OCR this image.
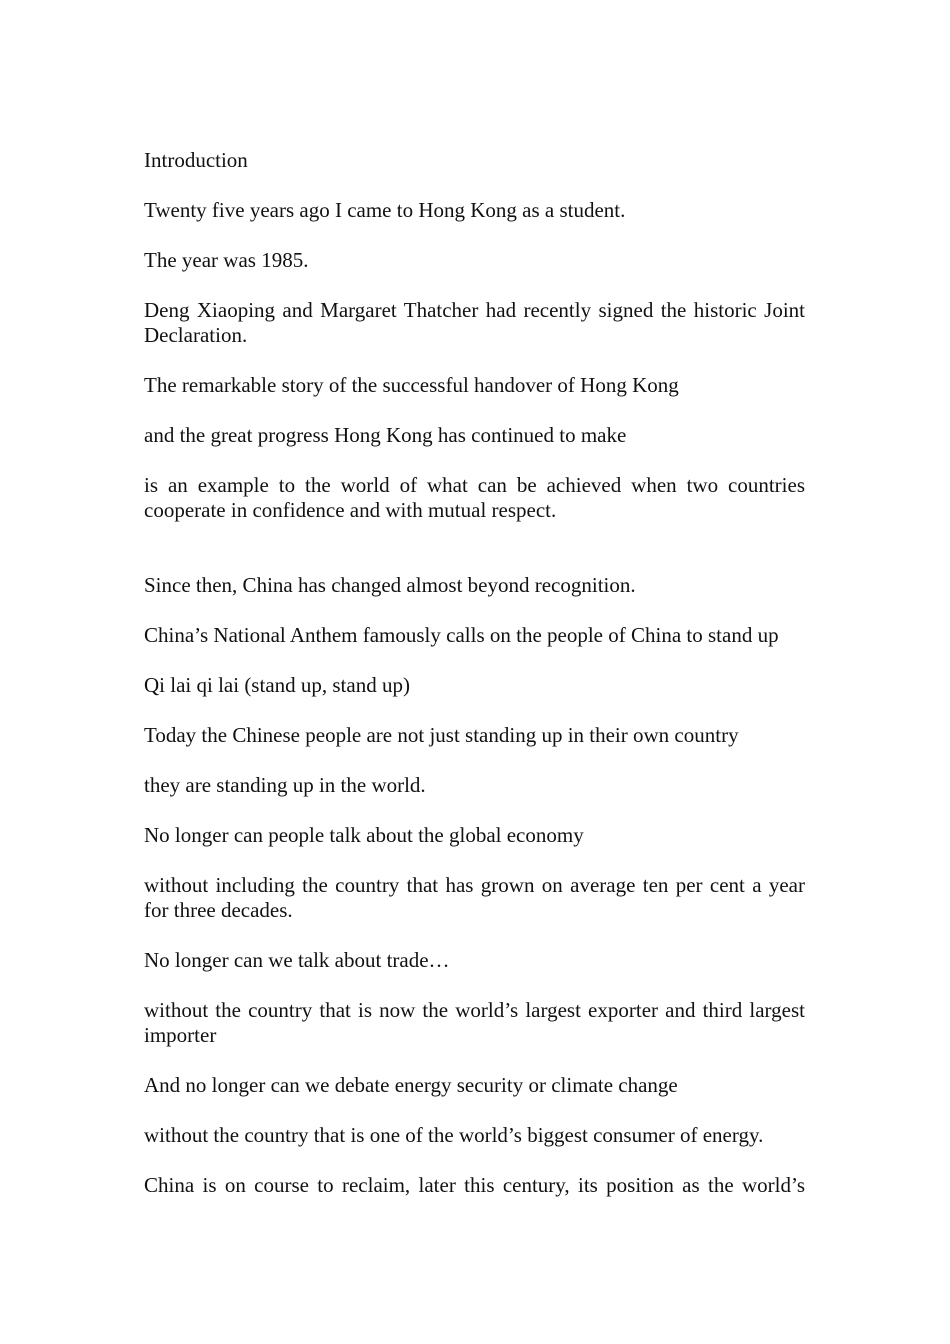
Introduction

Twenty five years ago I came to Hong Kong as a student.

The year was 1985.

Deng Xiaoping and Margaret Thatcher had recently signed the historic Joint Declaration.

The remarkable story of the successful handover of Hong Kong

and the great progress Hong Kong has continued to make

is an example to the world of what can be achieved when two countries cooperate in confidence and with mutual respect.

Since then, China has changed almost beyond recognition.

China’s National Anthem famously calls on the people of China to stand up

Qi lai qi lai (stand up, stand up)

Today the Chinese people are not just standing up in their own country

they are standing up in the world.

No longer can people talk about the global economy

without including the country that has grown on average ten per cent a year for three decades.

No longer can we talk about trade…

without the country that is now the world’s largest exporter and third largest importer

And no longer can we debate energy security or climate change

without the country that is one of the world’s biggest consumer of energy.

China is on course to reclaim, later this century, its position as the world’s
